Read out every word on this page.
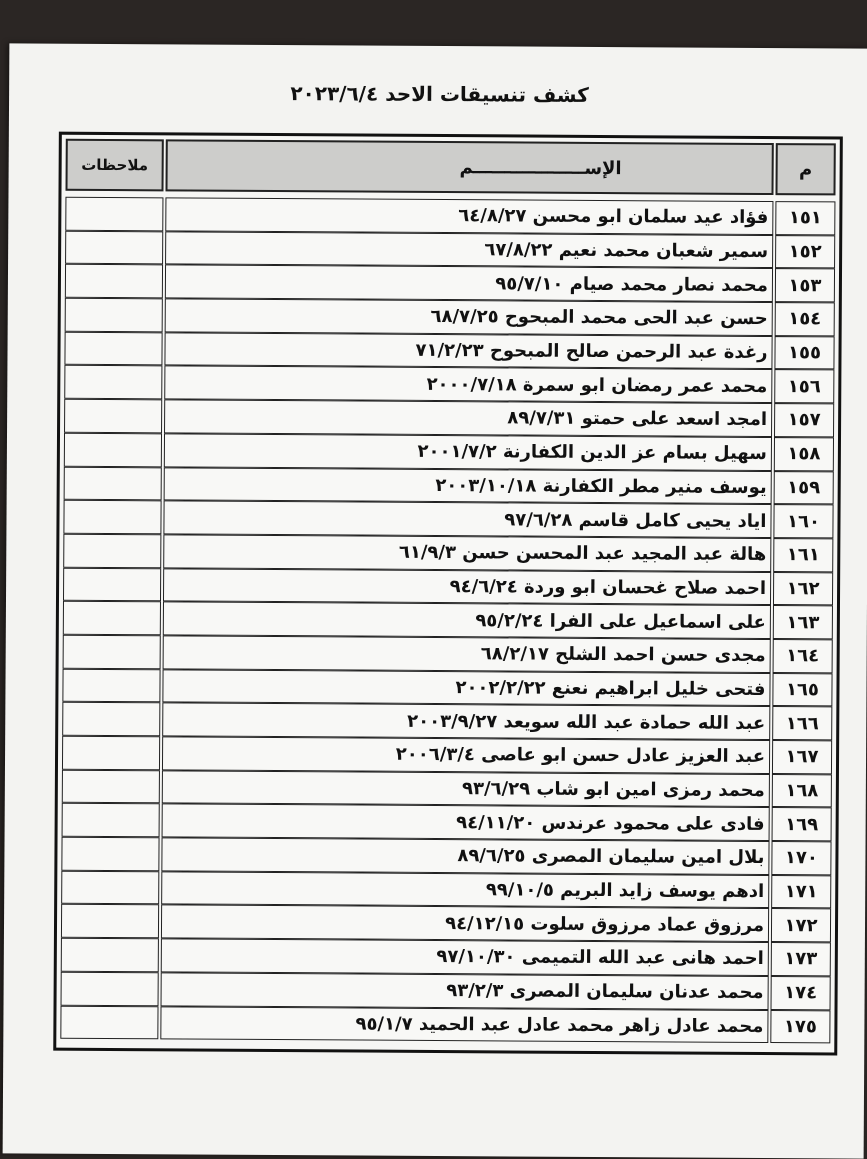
كشف تنسيقات الاحد ٢٠٢٣/٦/٤
م
الإســــــــــــــــــم
ملاحظات
١٥١
فؤاد عيد سلمان ابو محسن ٦٤/٨/٢٧
١٥٢
سمير شعبان محمد نعيم ٦٧/٨/٢٢
١٥٣
محمد نصار محمد صيام ٩٥/٧/١٠
١٥٤
حسن عبد الحى محمد المبحوح ٦٨/٧/٢٥
١٥٥
رغدة عبد الرحمن صالح المبحوح ٧١/٢/٢٣
١٥٦
محمد عمر رمضان ابو سمرة ٢٠٠٠/٧/١٨
١٥٧
امجد اسعد على حمتو ٨٩/٧/٣١
١٥٨
سهيل بسام عز الدين الكفارنة ٢٠٠١/٧/٢
١٥٩
يوسف منير مطر الكفارنة ٢٠٠٣/١٠/١٨
١٦٠
اياد يحيى كامل قاسم ٩٧/٦/٢٨
١٦١
هالة عبد المجيد عبد المحسن حسن ٦١/٩/٣
١٦٢
احمد صلاح غحسان ابو وردة ٩٤/٦/٢٤
١٦٣
على اسماعيل على الفرا ٩٥/٢/٢٤
١٦٤
مجدى حسن احمد الشلح ٦٨/٢/١٧
١٦٥
فتحى خليل ابراهيم نعنع ٢٠٠٢/٢/٢٢
١٦٦
عبد الله حمادة عبد الله سويعد ٢٠٠٣/٩/٢٧
١٦٧
عبد العزيز عادل حسن ابو عاصى ٢٠٠٦/٣/٤
١٦٨
محمد رمزى امين ابو شاب ٩٣/٦/٢٩
١٦٩
فادى على محمود عرندس ٩٤/١١/٢٠
١٧٠
بلال امين سليمان المصرى ٨٩/٦/٢٥
١٧١
ادهم يوسف زايد البريم ٩٩/١٠/٥
١٧٢
مرزوق عماد مرزوق سلوت ٩٤/١٢/١٥
١٧٣
احمد هانى عبد الله التميمى ٩٧/١٠/٣٠
١٧٤
محمد عدنان سليمان المصرى ٩٣/٢/٣
١٧٥
محمد عادل زاهر محمد عادل عبد الحميد ٩٥/١/٧
